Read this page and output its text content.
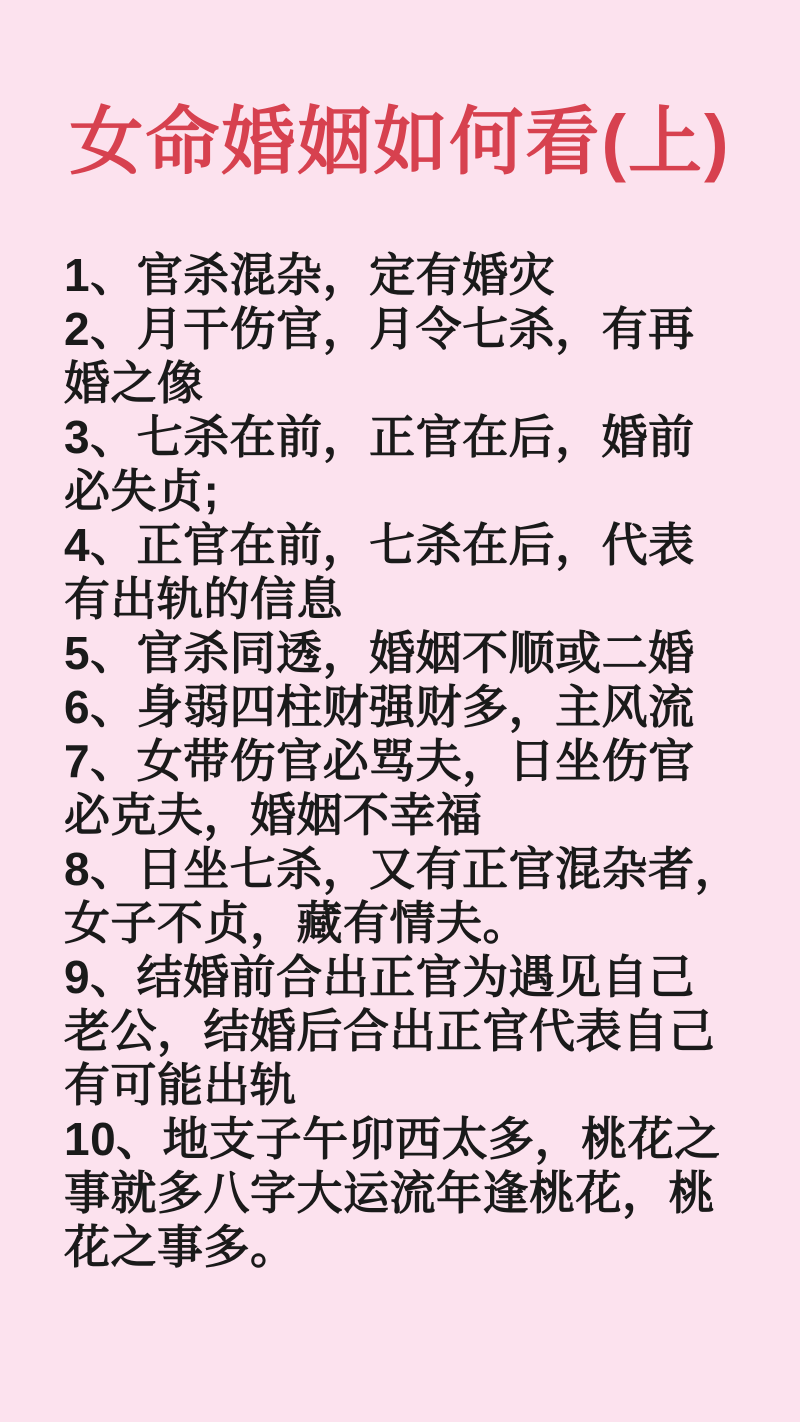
女命婚姻如何看(上)

1、官杀混杂，定有婚灾

2、月干伤官，月令七杀，有再

婚之像

3、七杀在前，正官在后，婚前

必失贞;

4、正官在前，七杀在后，代表

有出轨的信息

5、官杀同透，婚姻不顺或二婚

6、身弱四柱财强财多，主风流

7、女带伤官必骂夫，日坐伤官

必克夫，婚姻不幸福

8、日坐七杀，又有正官混杂者，

女子不贞，藏有情夫。

9、结婚前合出正官为遇见自己

老公，结婚后合出正官代表自己

有可能出轨

10、地支子午卯西太多，桃花之

事就多八字大运流年逢桃花，桃

花之事多。
